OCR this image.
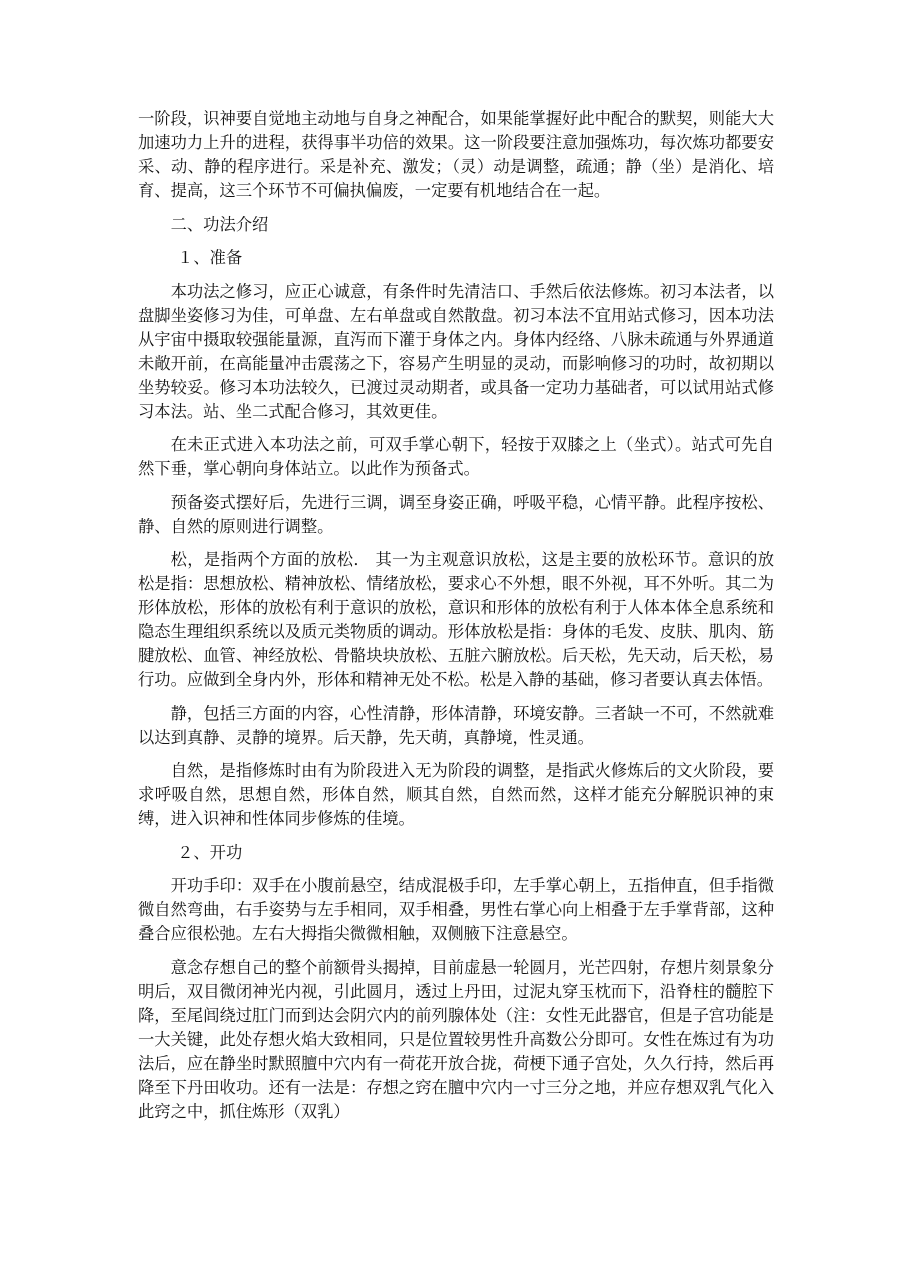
一阶段，识神要自觉地主动地与自身之神配合，如果能掌握好此中配合的默契，则能大大加速功力上升的进程，获得事半功倍的效果。这一阶段要注意加强炼功，每次炼功都要安采、动、静的程序进行。采是补充、激发；（灵）动是调整，疏通；静（坐）是消化、培育、提高，这三个环节不可偏执偏废，一定要有机地结合在一起。

二、功法介绍

１、准备

本功法之修习，应正心诚意，有条件时先清洁口、手然后依法修炼。初习本法者，以盘脚坐姿修习为佳，可单盘、左右单盘或自然散盘。初习本法不宜用站式修习，因本功法从宇宙中摄取较强能量源，直泻而下灌于身体之内。身体内经络、八脉未疏通与外界通道未敞开前，在高能量冲击震荡之下，容易产生明显的灵动，而影响修习的功时，故初期以坐势较妥。修习本功法较久，已渡过灵动期者，或具备一定功力基础者，可以试用站式修习本法。站、坐二式配合修习，其效更佳。

在未正式进入本功法之前，可双手掌心朝下，轻按于双膝之上（坐式）。站式可先自然下垂，掌心朝向身体站立。以此作为预备式。

预备姿式摆好后，先进行三调，调至身姿正确，呼吸平稳，心情平静。此程序按松、静、自然的原则进行调整。

松，是指两个方面的放松． 其一为主观意识放松，这是主要的放松环节。意识的放松是指：思想放松、精神放松、情绪放松，要求心不外想，眼不外视，耳不外听。其二为形体放松，形体的放松有利于意识的放松，意识和形体的放松有利于人体本体全息系统和隐态生理组织系统以及质元类物质的调动。形体放松是指：身体的毛发、皮肤、肌肉、筋腱放松、血管、神经放松、骨骼块块放松、五脏六腑放松。后天松，先天动，后天松，易行功。应做到全身内外，形体和精神无处不松。松是入静的基础，修习者要认真去体悟。

静，包括三方面的内容，心性清静，形体清静，环境安静。三者缺一不可，不然就难以达到真静、灵静的境界。后天静，先天萌，真静境，性灵通。

自然，是指修炼时由有为阶段进入无为阶段的调整，是指武火修炼后的文火阶段，要求呼吸自然，思想自然，形体自然，顺其自然，自然而然，这样才能充分解脱识神的束缚，进入识神和性体同步修炼的佳境。

２、开功

开功手印：双手在小腹前悬空，结成混极手印，左手掌心朝上，五指伸直，但手指微微自然弯曲，右手姿势与左手相同，双手相叠，男性右掌心向上相叠于左手掌背部，这种叠合应很松弛。左右大拇指尖微微相触，双侧腋下注意悬空。

意念存想自己的整个前额骨头揭掉，目前虚悬一轮圆月，光芒四射，存想片刻景象分明后，双目微闭神光内视，引此圆月，透过上丹田，过泥丸穿玉枕而下，沿脊柱的髓腔下降，至尾闾绕过肛门而到达会阴穴内的前列腺体处（注：女性无此器官，但是子宫功能是一大关键，此处存想火焰大致相同，只是位置较男性升高数公分即可。女性在炼过有为功法后，应在静坐时默照膻中穴内有一荷花开放合拢，荷梗下通子宫处，久久行持，然后再降至下丹田收功。还有一法是：存想之窍在膻中穴内一寸三分之地，并应存想双乳气化入此窍之中，抓住炼形（双乳）
